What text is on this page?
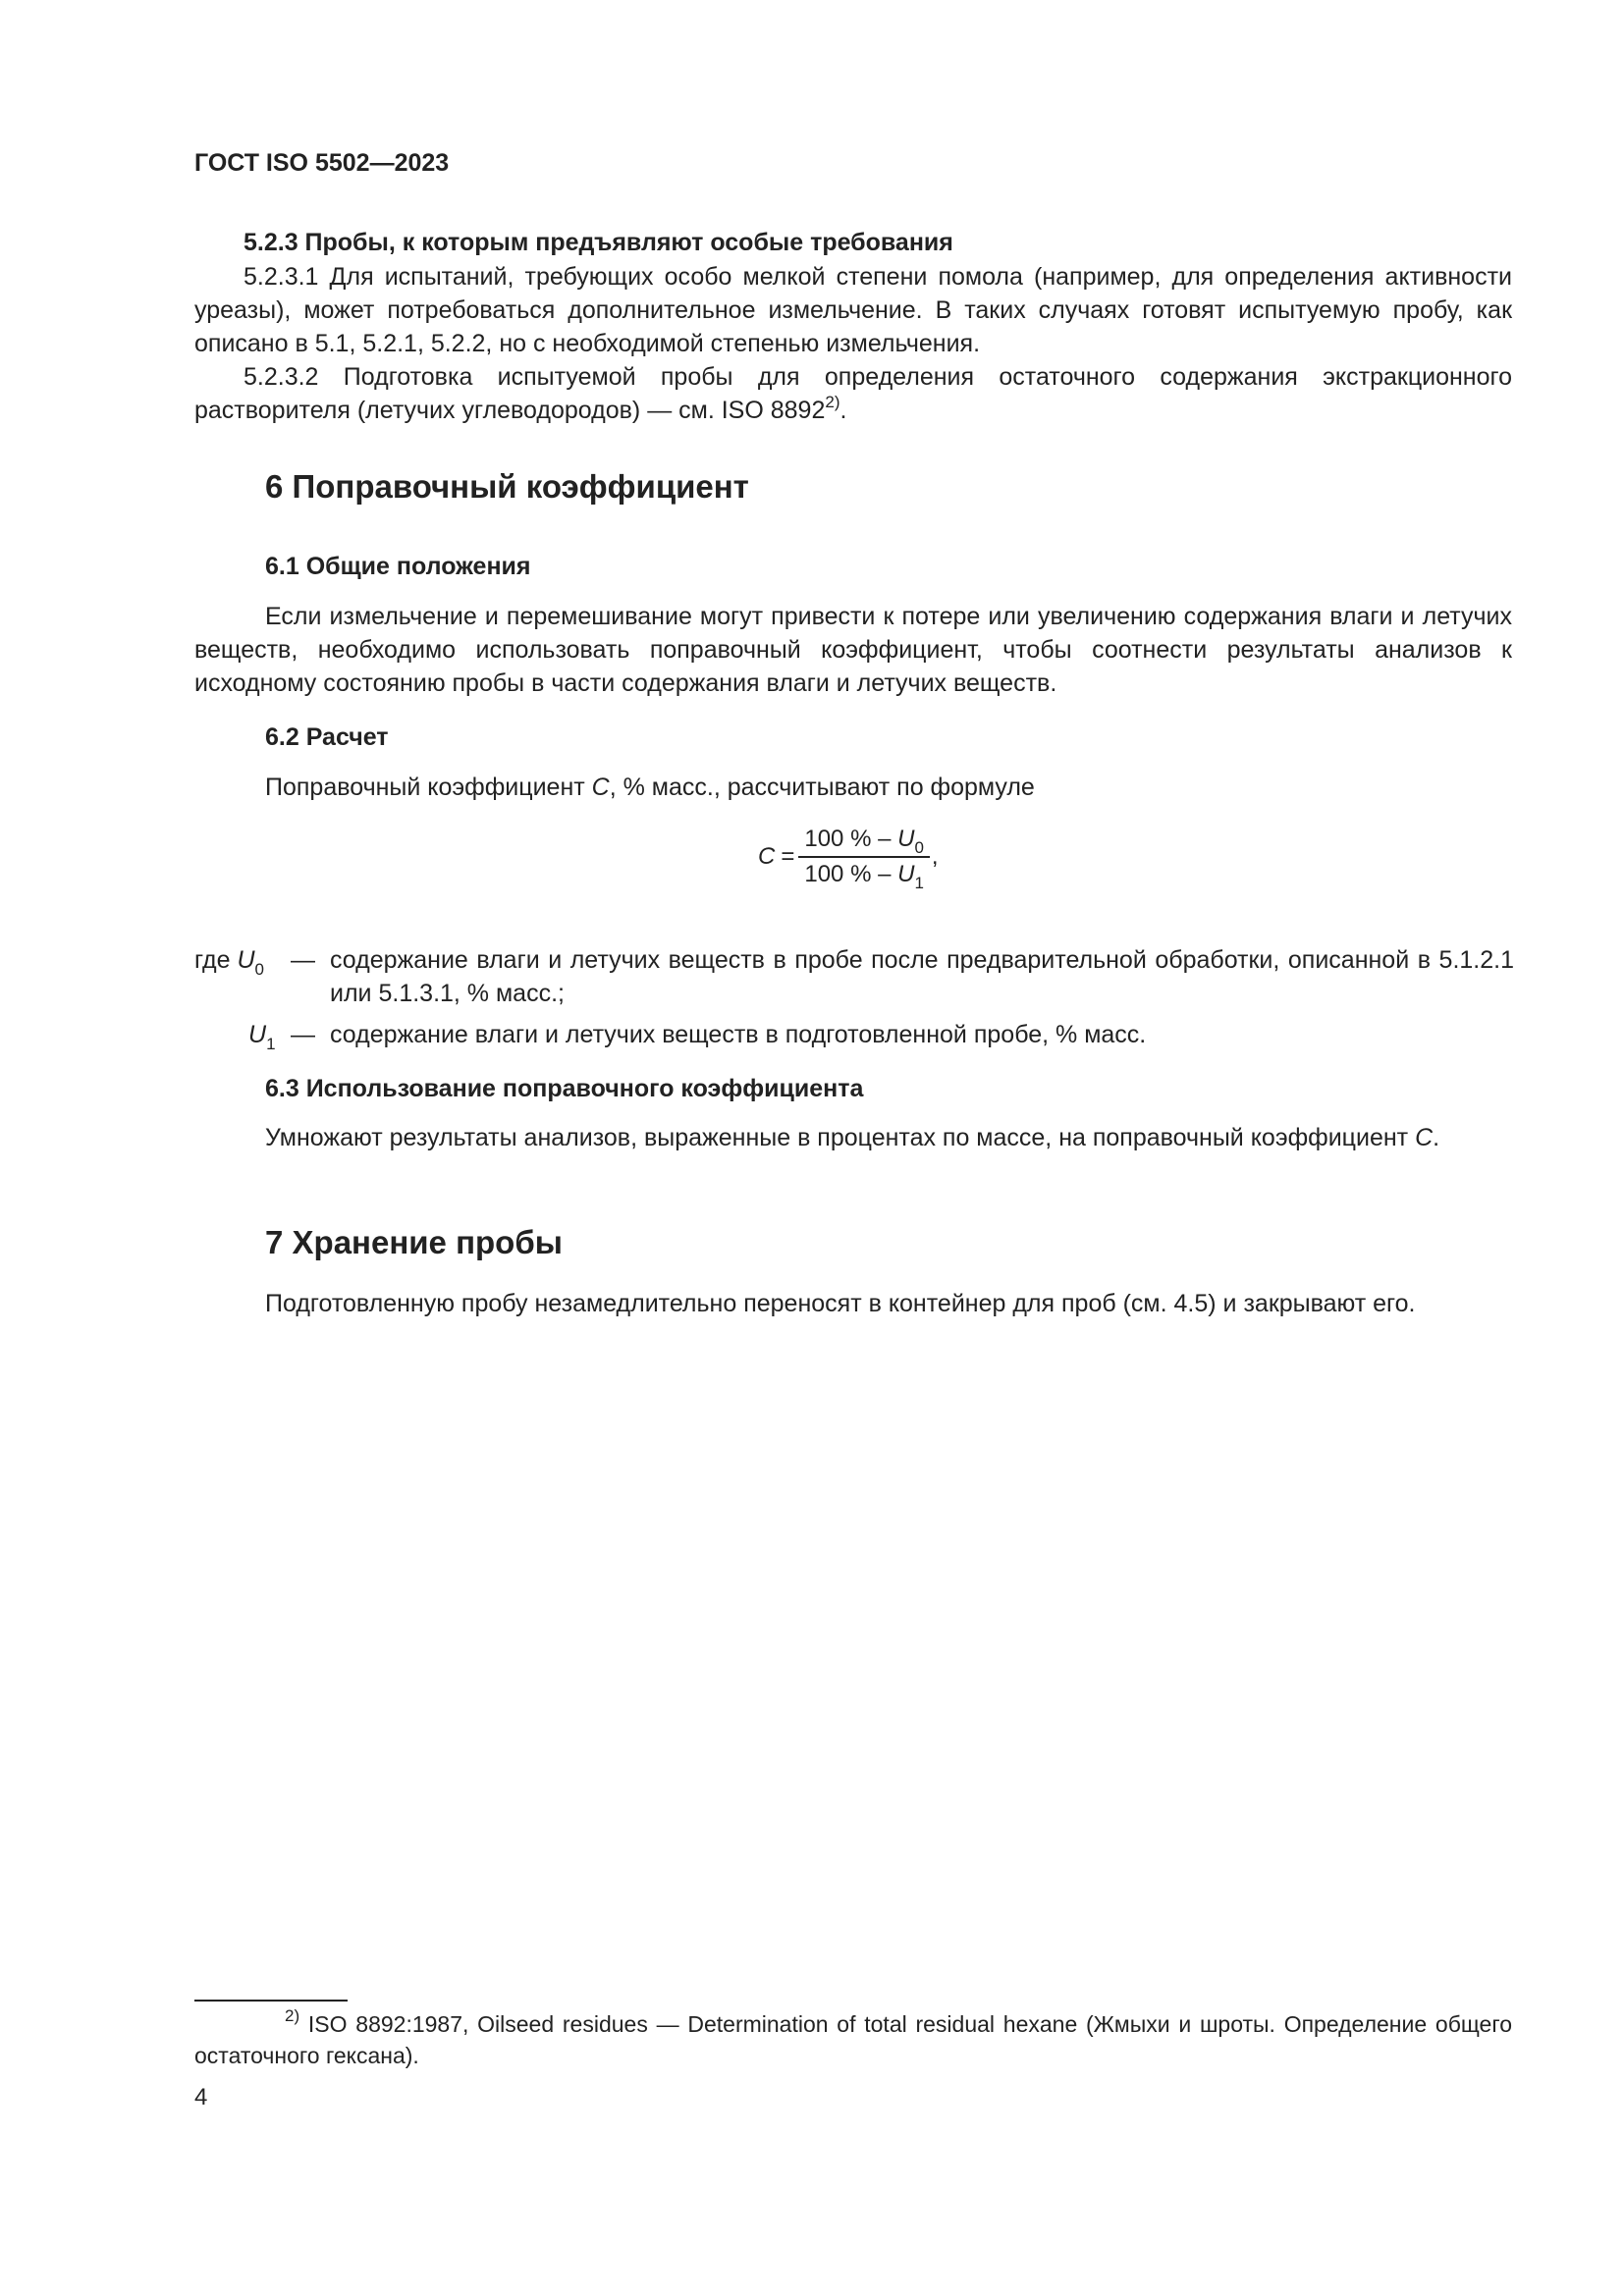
ГОСТ ISO 5502—2023
5.2.3 Пробы, к которым предъявляют особые требования
5.2.3.1 Для испытаний, требующих особо мелкой степени помола (например, для определения активности уреазы), может потребоваться дополнительное измельчение. В таких случаях готовят испытуемую пробу, как описано в 5.1, 5.2.1, 5.2.2, но с необходимой степенью измельчения.
5.2.3.2 Подготовка испытуемой пробы для определения остаточного содержания экстракционного растворителя (летучих углеводородов) — см. ISO 8892$^{2)}$.
6 Поправочный коэффициент
6.1 Общие положения
Если измельчение и перемешивание могут привести к потере или увеличению содержания влаги и летучих веществ, необходимо использовать поправочный коэффициент, чтобы соотнести результаты анализов к исходному состоянию пробы в части содержания влаги и летучих веществ.
6.2 Расчет
Поправочный коэффициент C, % масс., рассчитывают по формуле
$C = \frac{100 \% - U_0}{100 \% - U_1}$ ,
где $U_0$ — содержание влаги и летучих веществ в пробе после предварительной обработки, описанной в 5.1.2.1 или 5.1.3.1, % масс.;
$U_1$ — содержание влаги и летучих веществ в подготовленной пробе, % масс.
6.3 Использование поправочного коэффициента
Умножают результаты анализов, выраженные в процентах по массе, на поправочный коэффициент C.
7 Хранение пробы
Подготовленную пробу незамедлительно переносят в контейнер для проб (см. 4.5) и закрывают его.
$^{2)}$ ISO 8892:1987, Oilseed residues — Determination of total residual hexane (Жмыхи и шроты. Определение общего остаточного гексана).
4
